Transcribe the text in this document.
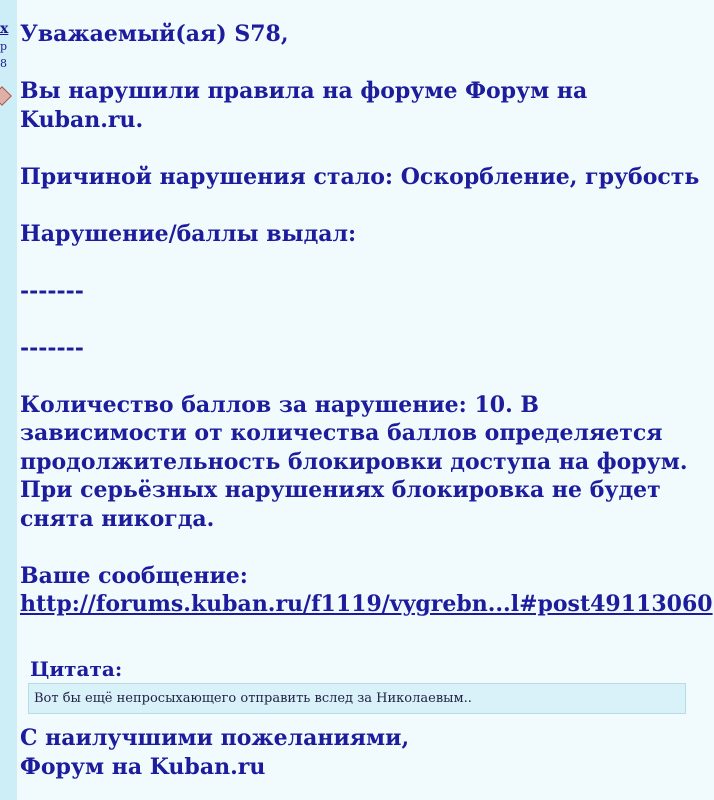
x
p
8

Уважаемый(ая) S78,

Вы нарушили правила на форуме Форум на Kuban.ru.

Причиной нарушения стало: Оскорбление, грубость

Нарушение/баллы выдал:

-------

-------

Количество баллов за нарушение: 10. В зависимости от количества баллов определяется продолжительность блокировки доступа на форум. При серьёзных нарушениях блокировка не будет снята никогда.

Ваше сообщение:

http://forums.kuban.ru/f1119/vygrebn...l#post49113060

Цитата:
Вот бы ещё непросыхающего отправить вслед за Николаевым..
С наилучшими пожеланиями,
Форум на Kuban.ru
